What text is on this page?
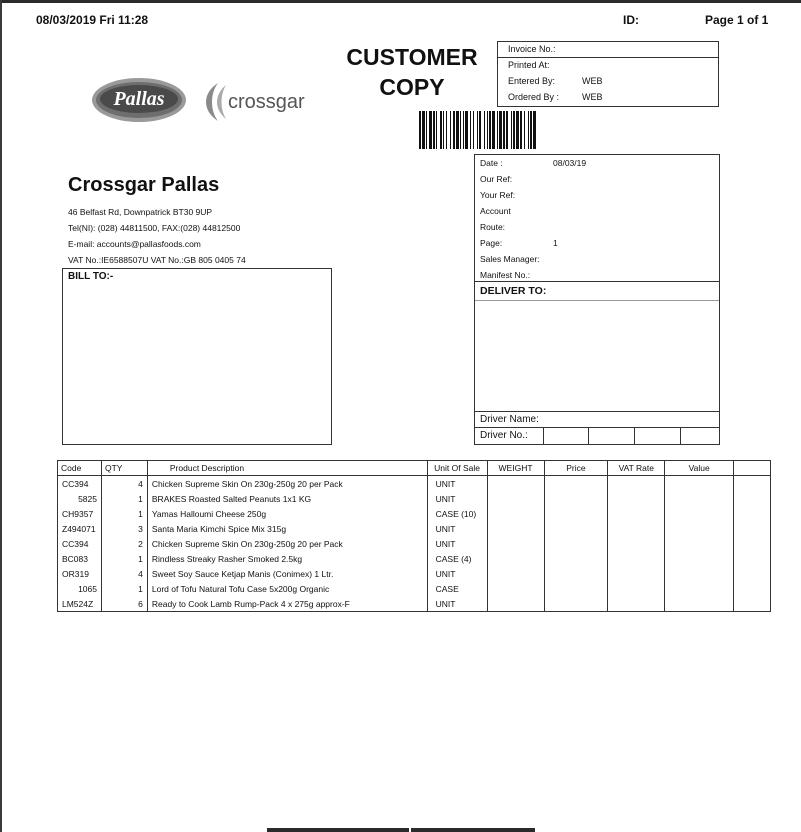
08/03/2019 Fri 11:28	ID:	Page 1 of 1
CUSTOMER
COPY
Invoice No.:
Printed At:
Entered By:	WEB
Ordered By :	WEB
Pallas	crossgar
Crossgar Pallas
46 Belfast Rd, Downpatrick BT30 9UP
Tel(NI): (028) 44811500, FAX:(028) 44812500
E-mail: accounts@pallasfoods.com
VAT No.:IE6588507U VAT No.:GB 805 0405 74
BILL TO:-
Date :	08/03/19
Our Ref:
Your Ref:
Account
Route:
Page:	1
Sales Manager:
Manifest No.:
DELIVER TO:
Driver Name:
Driver No.:
Code	QTY	Product Description	Unit Of Sale	WEIGHT	Price	VAT Rate	Value	
CC394	4	Chicken Supreme Skin On 230g-250g 20 per Pack	UNIT					
5825	1	BRAKES Roasted Salted Peanuts 1x1 KG	UNIT					
CH9357	1	Yamas Halloumi Cheese 250g	CASE (10)					
Z494071	3	Santa Maria Kimchi Spice Mix 315g	UNIT					
CC394	2	Chicken Supreme Skin On 230g-250g 20 per Pack	UNIT					
BC083	1	Rindless Streaky Rasher Smoked 2.5kg	CASE (4)					
OR319	4	Sweet Soy Sauce Ketjap Manis (Conimex) 1 Ltr.	UNIT					
1065	1	Lord of Tofu Natural Tofu Case 5x200g Organic	CASE					
LM524Z	6	Ready to Cook Lamb Rump-Pack 4 x 275g approx-F	UNIT					
